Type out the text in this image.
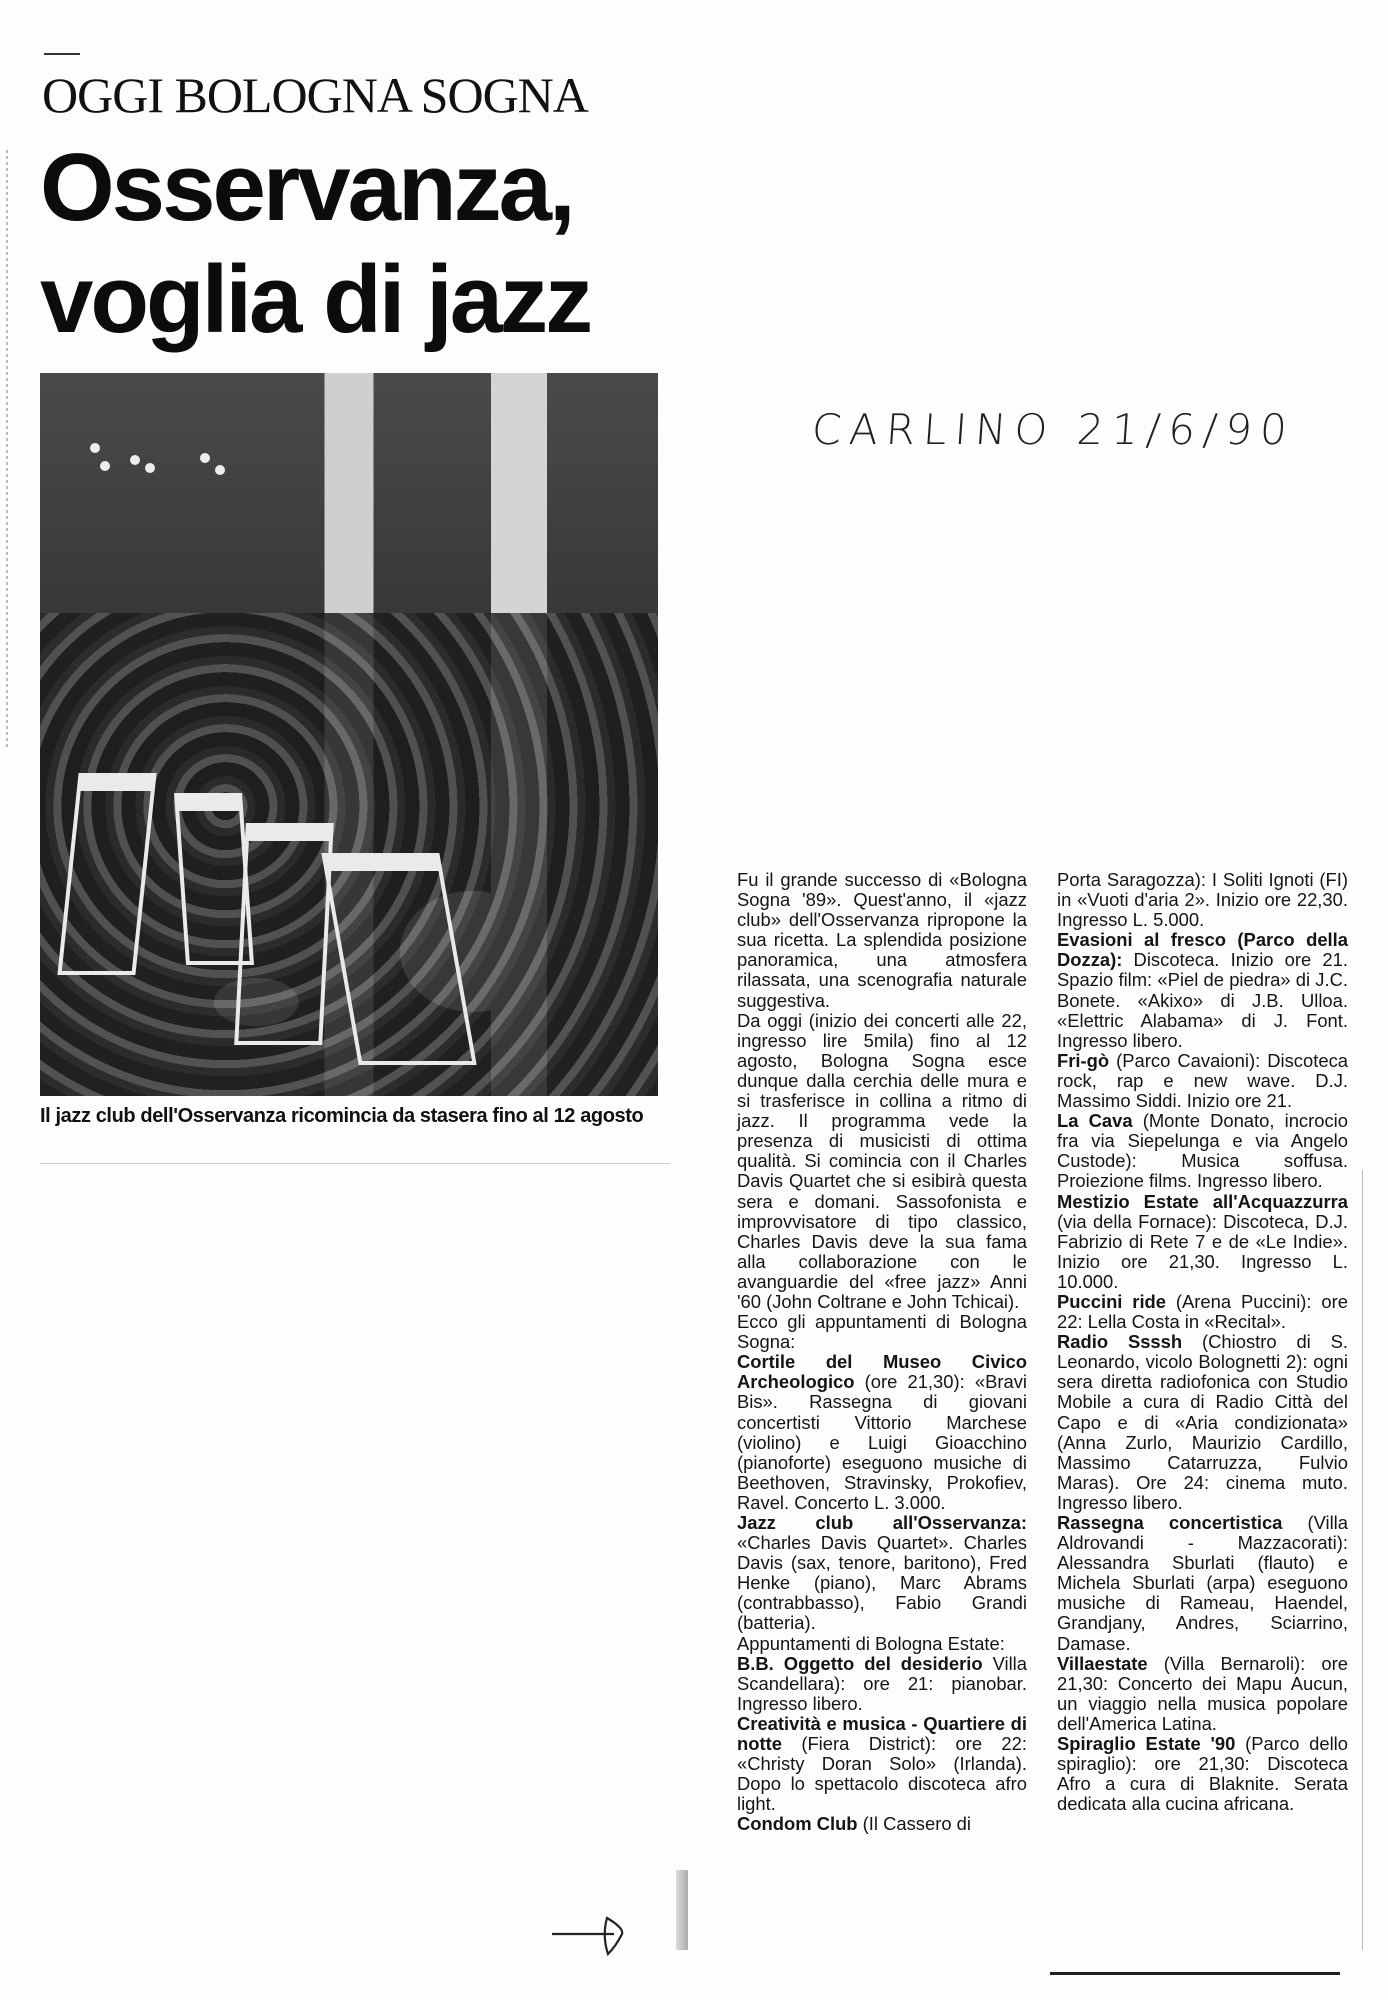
OGGI BOLOGNA SOGNA
Osservanza,
voglia di jazz
Il jazz club dell'Osservanza ricomincia da stasera fino al 12 agosto
CARLINO 21/6/90

Fu il grande successo di «Bologna Sogna '89». Quest'anno, il «jazz club» dell'Osservanza ripropone la sua ricetta. La splendida posizione panoramica, una atmosfera rilassata, una scenografia naturale suggestiva.

Da oggi (inizio dei concerti alle 22, ingresso lire 5mila) fino al 12 agosto, Bologna Sogna esce dunque dalla cerchia delle mura e si trasferisce in collina a ritmo di jazz. Il programma vede la presenza di musicisti di ottima qualità. Si comincia con il Charles Davis Quartet che si esibirà questa sera e domani. Sassofonista e improvvisatore di tipo classico, Charles Davis deve la sua fama alla collaborazione con le avanguardie del «free jazz» Anni '60 (John Coltrane e John Tchicai).

Ecco gli appuntamenti di Bologna Sogna:

Cortile del Museo Civico Archeologico (ore 21,30): «Bravi Bis». Rassegna di giovani concertisti Vittorio Marchese (violino) e Luigi Gioacchino (pianoforte) eseguono musiche di Beethoven, Stravinsky, Prokofiev, Ravel. Concerto L. 3.000.

Jazz club all'Osservanza: «Charles Davis Quartet». Charles Davis (sax, tenore, baritono), Fred Henke (piano), Marc Abrams (contrabbasso), Fabio Grandi (batteria).

Appuntamenti di Bologna Estate:

B.B. Oggetto del desiderio Villa Scandellara): ore 21: pianobar. Ingresso libero.

Creatività e musica - Quartiere di notte (Fiera District): ore 22: «Christy Doran Solo» (Irlanda). Dopo lo spettacolo discoteca afro light.

Condom Club (Il Cassero di

Porta Saragozza): I Soliti Ignoti (FI) in «Vuoti d'aria 2». Inizio ore 22,30. Ingresso L. 5.000.

Evasioni al fresco (Parco della Dozza): Discoteca. Inizio ore 21. Spazio film: «Piel de piedra» di J.C. Bonete. «Akixo» di J.B. Ulloa. «Elettric Alabama» di J. Font. Ingresso libero.

Fri-gò (Parco Cavaioni): Discoteca rock, rap e new wave. D.J. Massimo Siddi. Inizio ore 21.

La Cava (Monte Donato, incrocio fra via Siepelunga e via Angelo Custode): Musica soffusa. Proiezione films. Ingresso libero.

Mestizio Estate all'Acquazzurra (via della Fornace): Discoteca, D.J. Fabrizio di Rete 7 e de «Le Indie». Inizio ore 21,30. Ingresso L. 10.000.

Puccini ride (Arena Puccini): ore 22: Lella Costa in «Recital».

Radio Ssssh (Chiostro di S. Leonardo, vicolo Bolognetti 2): ogni sera diretta radiofonica con Studio Mobile a cura di Radio Città del Capo e di «Aria condizionata» (Anna Zurlo, Maurizio Cardillo, Massimo Catarruzza, Fulvio Maras). Ore 24: cinema muto. Ingresso libero.

Rassegna concertistica (Villa Aldrovandi - Mazzacorati): Alessandra Sburlati (flauto) e Michela Sburlati (arpa) eseguono musiche di Rameau, Haendel, Grandjany, Andres, Sciarrino, Damase.

Villaestate (Villa Bernaroli): ore 21,30: Concerto dei Mapu Aucun, un viaggio nella musica popolare dell'America Latina.

Spiraglio Estate '90 (Parco dello spiraglio): ore 21,30: Discoteca Afro a cura di Blaknite. Serata dedicata alla cucina africana.
